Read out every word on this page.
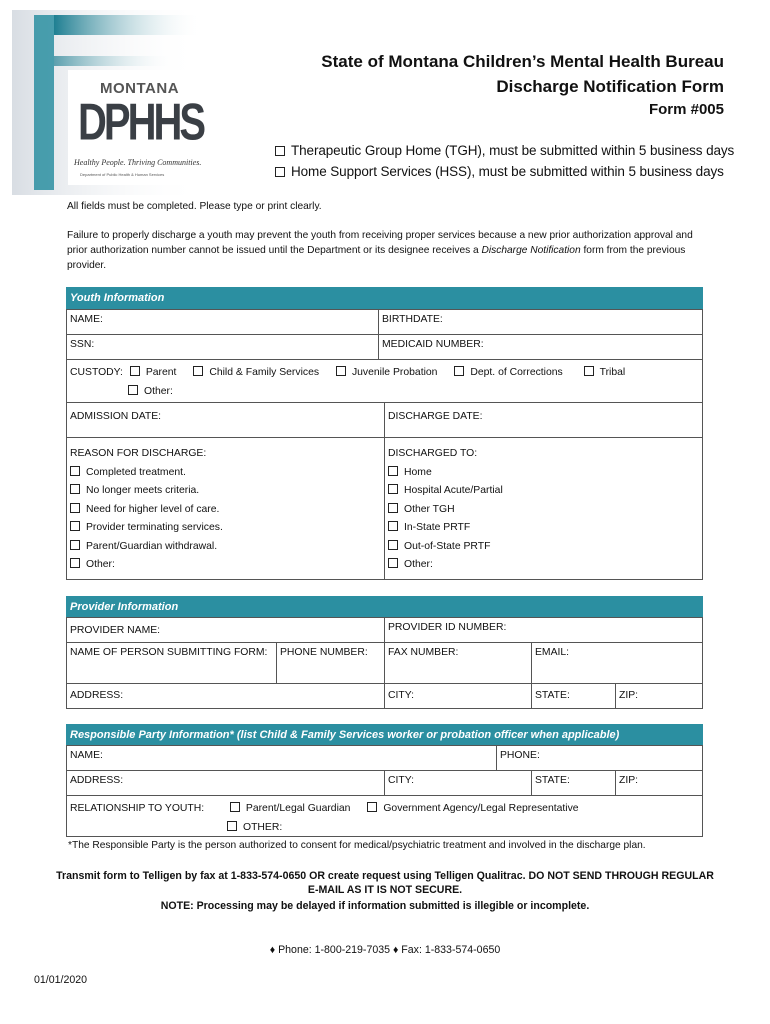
MONTANA
DPHHS
Healthy People. Thriving Communities.
Department of Public Health & Human Services
State of Montana Children’s Mental Health Bureau
Discharge Notification Form
Form #005
Therapeutic Group Home (TGH), must be submitted within 5 business days
Home Support Services (HSS), must be submitted within 5 business days
All fields must be completed. Please type or print clearly.
Failure to properly discharge a youth may prevent the youth from receiving proper services because a new prior authorization approval and prior authorization number cannot be issued until the Department or its designee receives a Discharge Notification form from the previous provider.
Youth Information
NAME:	BIRTHDATE:
SSN:	MEDICAID NUMBER:
CUSTODY: Parent	Child & Family Services	Juvenile Probation	Dept. of Corrections	Tribal
Other:
ADMISSION DATE:	DISCHARGE DATE:
REASON FOR DISCHARGE:
Completed treatment.
No longer meets criteria.
Need for higher level of care.
Provider terminating services.
Parent/Guardian withdrawal.
Other:
DISCHARGED TO:
Home
Hospital Acute/Partial
Other TGH
In-State PRTF
Out-of-State PRTF
Other:
Provider Information
PROVIDER NAME:	PROVIDER ID NUMBER:
NAME OF PERSON SUBMITTING FORM:	PHONE NUMBER:	FAX NUMBER:	EMAIL:
ADDRESS:	CITY:	STATE:	ZIP:
Responsible Party Information* (list Child & Family Services worker or probation officer when applicable)
NAME:	PHONE:
ADDRESS:	CITY:	STATE:	ZIP:
RELATIONSHIP TO YOUTH:	Parent/Legal Guardian	Government Agency/Legal Representative
OTHER:
*The Responsible Party is the person authorized to consent for medical/psychiatric treatment and involved in the discharge plan.
Transmit form to Telligen by fax at 1-833-574-0650 OR create request using Telligen Qualitrac. DO NOT SEND THROUGH REGULAR
E-MAIL AS IT IS NOT SECURE.
NOTE: Processing may be delayed if information submitted is illegible or incomplete.
♦ Phone: 1-800-219-7035 ♦ Fax: 1-833-574-0650
01/01/2020
